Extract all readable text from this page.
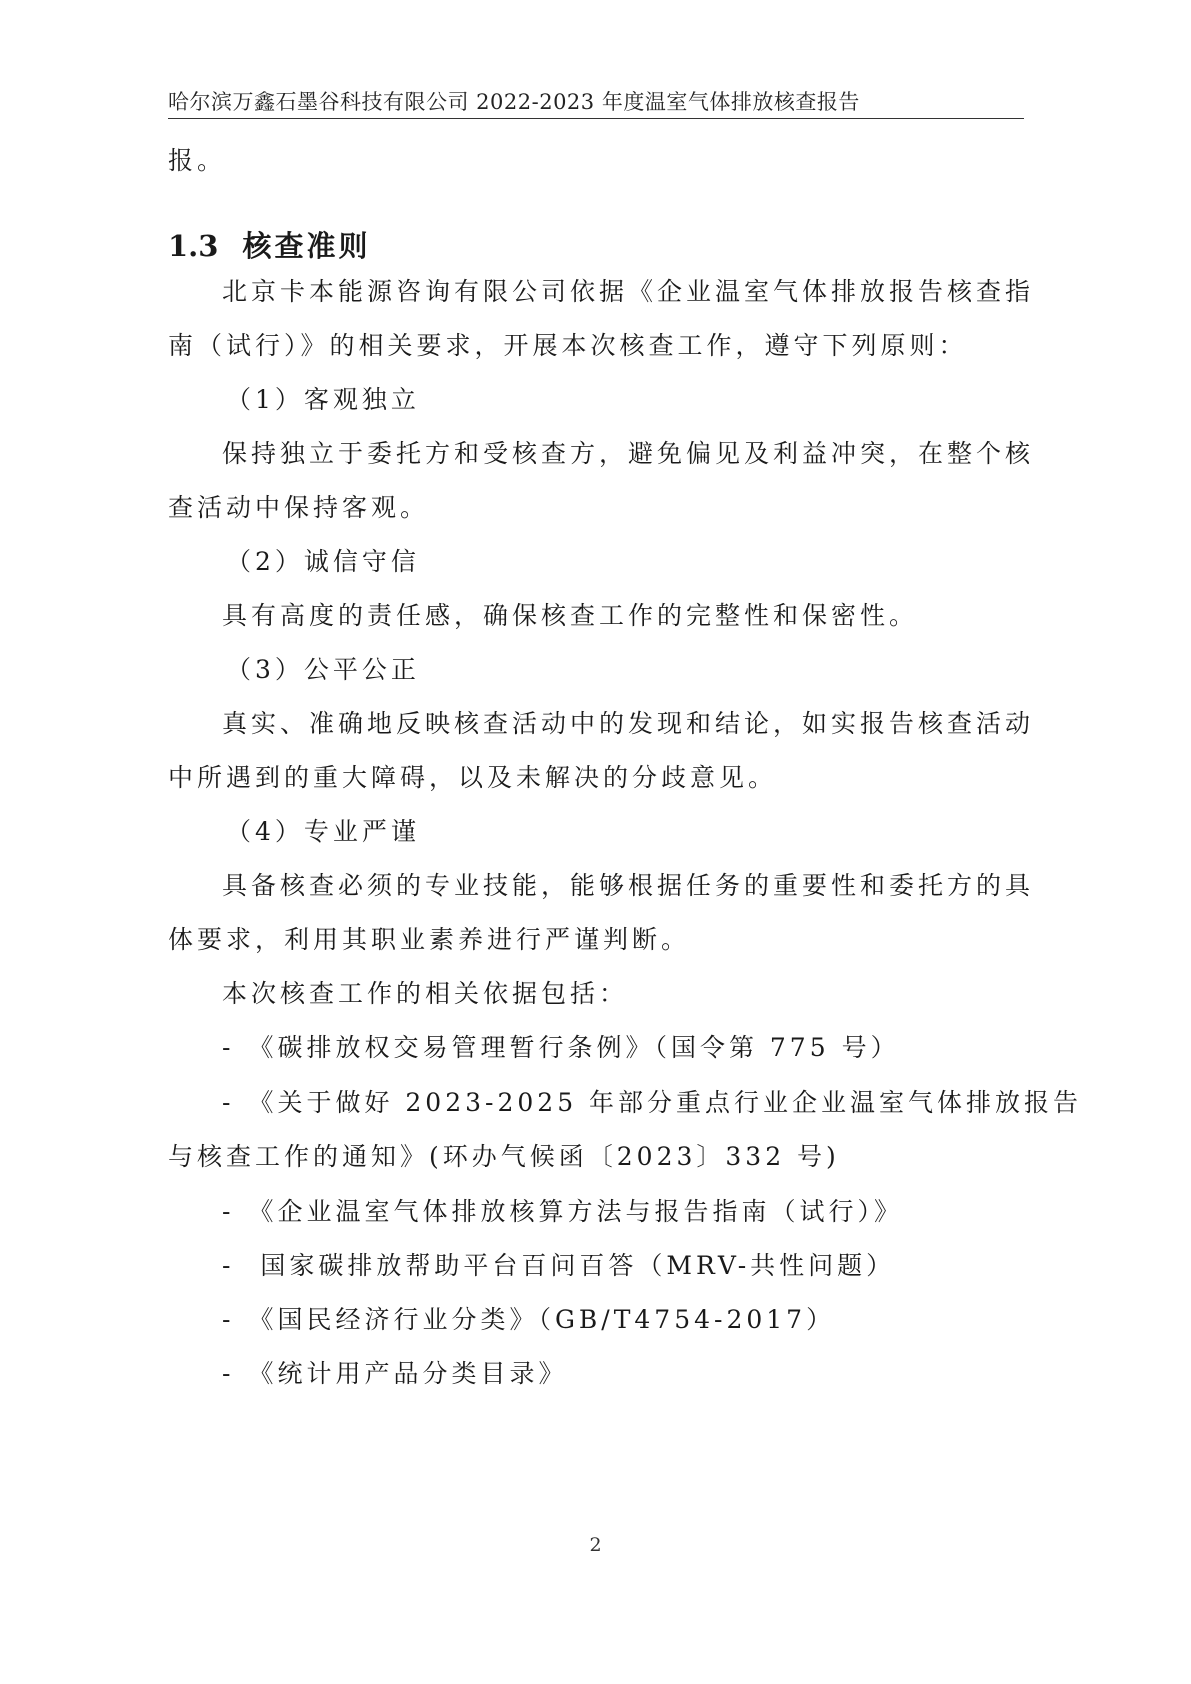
哈尔滨万鑫石墨谷科技有限公司 2022-2023 年度温室气体排放核查报告
报。
1.3 核查准则
北京卡本能源咨询有限公司依据《企业温室气体排放报告核查指
南（试行）》的相关要求，开展本次核查工作，遵守下列原则：
（1）客观独立
保持独立于委托方和受核查方，避免偏见及利益冲突，在整个核
查活动中保持客观。
（2）诚信守信
具有高度的责任感，确保核查工作的完整性和保密性。
（3）公平公正
真实、准确地反映核查活动中的发现和结论，如实报告核查活动
中所遇到的重大障碍，以及未解决的分歧意见。
（4）专业严谨
具备核查必须的专业技能，能够根据任务的重要性和委托方的具
体要求，利用其职业素养进行严谨判断。
本次核查工作的相关依据包括：
- 《碳排放权交易管理暂行条例》（国令第 775 号）
- 《关于做好 2023-2025 年部分重点行业企业温室气体排放报告
与核查工作的通知》(环办气候函〔2023〕332 号)
- 《企业温室气体排放核算方法与报告指南（试行）》
- 国家碳排放帮助平台百问百答（MRV-共性问题）
- 《国民经济行业分类》（GB/T4754-2017）
- 《统计用产品分类目录》
2
